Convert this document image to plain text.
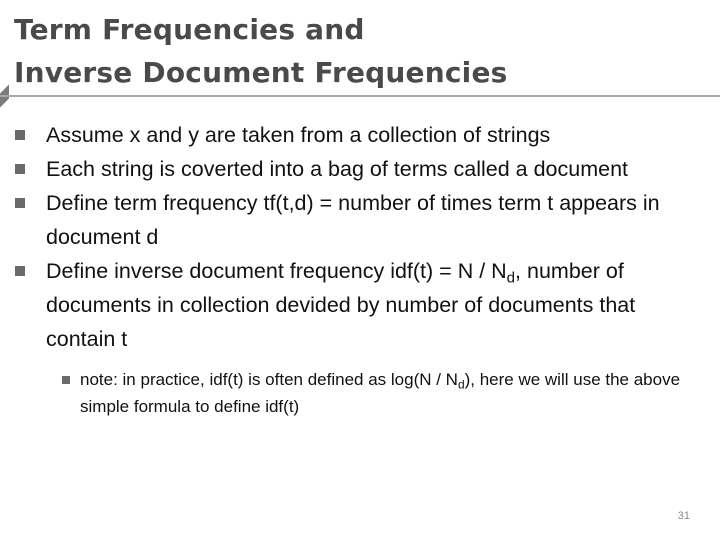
Term Frequencies and
Inverse Document Frequencies
Assume x and y are taken from a collection of strings
Each string is coverted into a bag of terms called a document
Define term frequency tf(t,d) = number of times term t appears in document d
Define inverse document frequency $idf(t) = N / N_d$, number of documents in collection devided by number of documents that contain t
note: in practice, idf(t) is often defined as $\log(N / N_d)$, here we will use the above simple formula to define idf(t)
31
